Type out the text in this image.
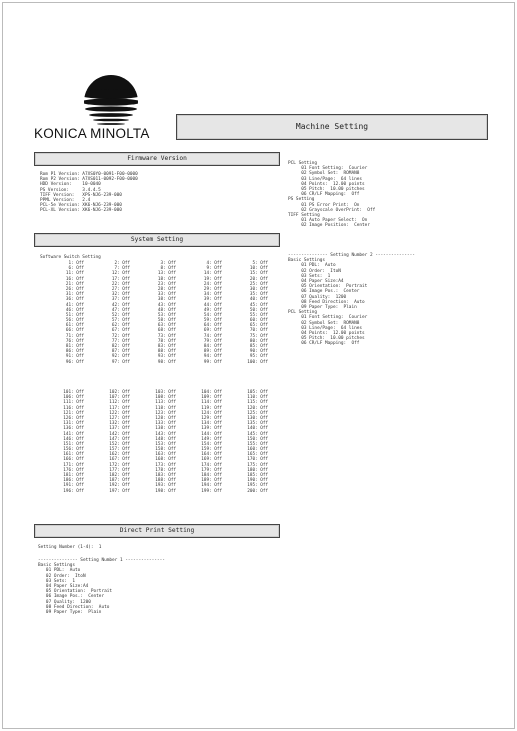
KONICA MINOLTA	Machine Setting
Firmware Version
System Setting
Direct Print Setting
Rom P1 Version: A7XS0Y0-0091-F00-0000
Rom P2 Version: A7XS011-0092-F00-0000
HDD Version:    10-0040
PS Version:     3.4.4.5
TIFF Version:   XPS-NJ6-239-000
PPML Version:   2.4
PCL-5e Version: XK6-NJ6-239-000
PCL-XL Version: XK6-NJ6-239-000
Software Switch Setting
1: Off	2: Off	3: Off	4: Off	5: Off
6: Off	7: Off	8: Off	9: Off	10: Off
11: Off	12: Off	13: Off	14: Off	15: Off
16: Off	17: Off	18: Off	19: Off	20: Off
21: Off	22: Off	23: Off	24: Off	25: Off
26: Off	27: Off	28: Off	29: Off	30: Off
31: Off	32: Off	33: Off	34: Off	35: Off
36: Off	37: Off	38: Off	39: Off	40: Off
41: Off	42: Off	43: Off	44: Off	45: Off
46: Off	47: Off	48: Off	49: Off	50: Off
51: Off	52: Off	53: Off	54: Off	55: Off
56: Off	57: Off	58: Off	59: Off	60: Off
61: Off	62: Off	63: Off	64: Off	65: Off
66: Off	67: Off	68: Off	69: Off	70: Off
71: Off	72: Off	73: Off	74: Off	75: Off
76: Off	77: Off	78: Off	79: Off	80: Off
81: Off	82: Off	83: Off	84: Off	85: Off
86: Off	87: Off	88: Off	89: Off	90: Off
91: Off	92: Off	93: Off	94: Off	95: Off
96: Off	97: Off	98: Off	99: Off	100: Off
101: Off	102: Off	103: Off	104: Off	105: Off
106: Off	107: Off	108: Off	109: Off	110: Off
111: Off	112: Off	113: Off	114: Off	115: Off
116: Off	117: Off	118: Off	119: Off	120: Off
121: Off	122: Off	123: Off	124: Off	125: Off
126: Off	127: Off	128: Off	129: Off	130: Off
131: Off	132: Off	133: Off	134: Off	135: Off
136: Off	137: Off	138: Off	139: Off	140: Off
141: Off	142: Off	143: Off	144: Off	145: Off
146: Off	147: Off	148: Off	149: Off	150: Off
151: Off	152: Off	153: Off	154: Off	155: Off
156: Off	157: Off	158: Off	159: Off	160: Off
161: Off	162: Off	163: Off	164: Off	165: Off
166: Off	167: Off	168: Off	169: Off	170: Off
171: Off	172: Off	173: Off	174: Off	175: Off
176: Off	177: Off	178: Off	179: Off	180: Off
181: Off	182: Off	183: Off	184: Off	185: Off
186: Off	187: Off	188: Off	189: Off	190: Off
191: Off	192: Off	193: Off	194: Off	195: Off
196: Off	197: Off	198: Off	199: Off	200: Off
Setting Number (1-4):  1
--------------- Setting Number 1 ---------------
Basic Settings
01 PDL:  Auto
02 Order:  ItoN
03 Sets:  1
04 Paper Size:A4
05 Orientation:  Portrait
06 Image Pos.:  Center
07 Quality:  1200
08 Feed Direction:  Auto
09 Paper Type:  Plain
PCL Setting
01 Font Setting:  Courier
02 Symbol Set:  ROMAN8
03 Line/Page:  64 lines
04 Points:  12.00 points
05 Pitch:  10.00 pitches
06 CR/LF Mapping:  Off
PS Setting
01 PS Error Print:  On
02 Grayscale OverPrint:  Off
TIFF Setting
01 Auto Paper Select:  On
02 Image Position:  Center
--------------- Setting Number 2 ---------------
Basic Settings
01 PDL:  Auto
02 Order:  ItoN
03 Sets:  1
04 Paper Size:A4
05 Orientation:  Portrait
06 Image Pos.:  Center
07 Quality:  1200
08 Feed Direction:  Auto
09 Paper Type:  Plain
PCL Setting
01 Font Setting:  Courier
02 Symbol Set:  ROMAN8
03 Line/Page:  64 lines
04 Points:  12.00 points
05 Pitch:  10.00 pitches
06 CR/LF Mapping:  Off
